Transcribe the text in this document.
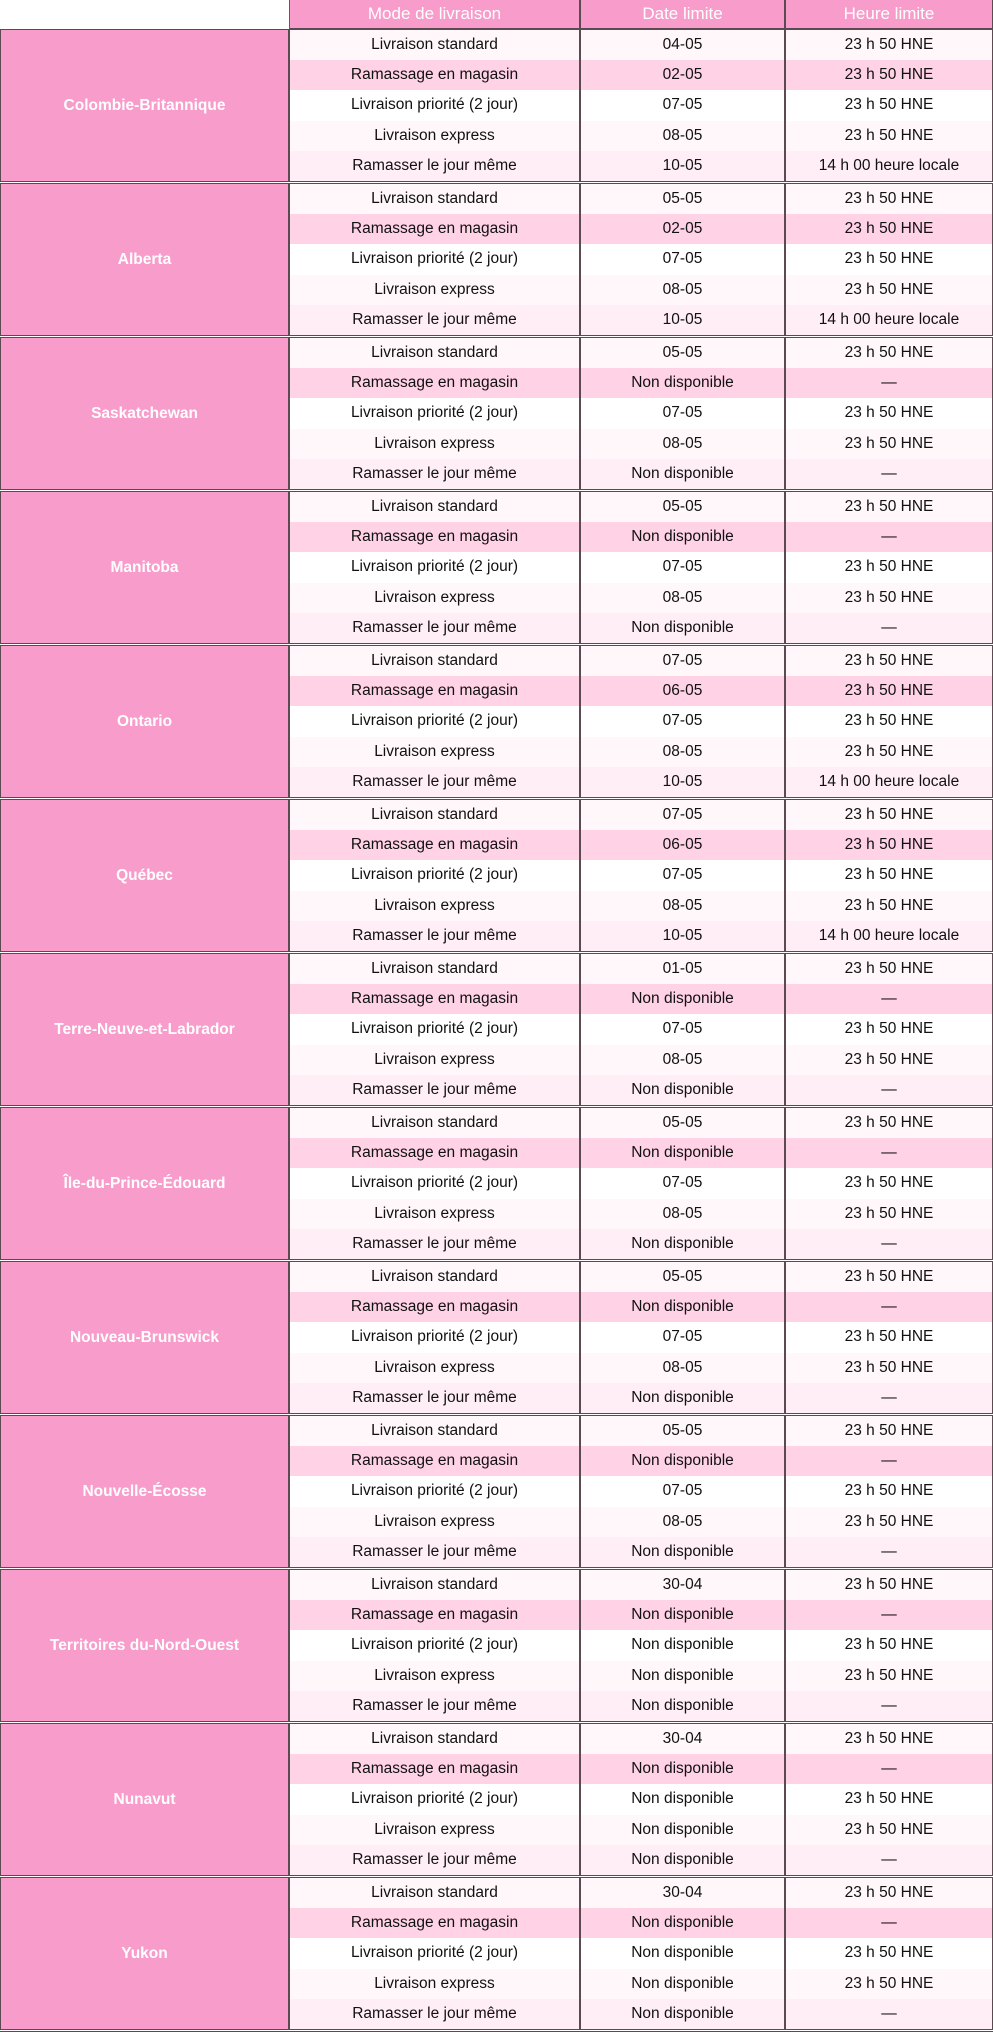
Mode de livraison	Date limite	Heure limite
Colombie-Britannique
Livraison standard	04-05	23 h 50 HNE
Ramassage en magasin	02-05	23 h 50 HNE
Livraison priorité (2 jour)	07-05	23 h 50 HNE
Livraison express	08-05	23 h 50 HNE
Ramasser le jour même	10-05	14 h 00 heure locale
Alberta
Livraison standard	05-05	23 h 50 HNE
Ramassage en magasin	02-05	23 h 50 HNE
Livraison priorité (2 jour)	07-05	23 h 50 HNE
Livraison express	08-05	23 h 50 HNE
Ramasser le jour même	10-05	14 h 00 heure locale
Saskatchewan
Livraison standard	05-05	23 h 50 HNE
Ramassage en magasin	Non disponible	—
Livraison priorité (2 jour)	07-05	23 h 50 HNE
Livraison express	08-05	23 h 50 HNE
Ramasser le jour même	Non disponible	—
Manitoba
Livraison standard	05-05	23 h 50 HNE
Ramassage en magasin	Non disponible	—
Livraison priorité (2 jour)	07-05	23 h 50 HNE
Livraison express	08-05	23 h 50 HNE
Ramasser le jour même	Non disponible	—
Ontario
Livraison standard	07-05	23 h 50 HNE
Ramassage en magasin	06-05	23 h 50 HNE
Livraison priorité (2 jour)	07-05	23 h 50 HNE
Livraison express	08-05	23 h 50 HNE
Ramasser le jour même	10-05	14 h 00 heure locale
Québec
Livraison standard	07-05	23 h 50 HNE
Ramassage en magasin	06-05	23 h 50 HNE
Livraison priorité (2 jour)	07-05	23 h 50 HNE
Livraison express	08-05	23 h 50 HNE
Ramasser le jour même	10-05	14 h 00 heure locale
Terre-Neuve-et-Labrador
Livraison standard	01-05	23 h 50 HNE
Ramassage en magasin	Non disponible	—
Livraison priorité (2 jour)	07-05	23 h 50 HNE
Livraison express	08-05	23 h 50 HNE
Ramasser le jour même	Non disponible	—
Île-du-Prince-Édouard
Livraison standard	05-05	23 h 50 HNE
Ramassage en magasin	Non disponible	—
Livraison priorité (2 jour)	07-05	23 h 50 HNE
Livraison express	08-05	23 h 50 HNE
Ramasser le jour même	Non disponible	—
Nouveau-Brunswick
Livraison standard	05-05	23 h 50 HNE
Ramassage en magasin	Non disponible	—
Livraison priorité (2 jour)	07-05	23 h 50 HNE
Livraison express	08-05	23 h 50 HNE
Ramasser le jour même	Non disponible	—
Nouvelle-Écosse
Livraison standard	05-05	23 h 50 HNE
Ramassage en magasin	Non disponible	—
Livraison priorité (2 jour)	07-05	23 h 50 HNE
Livraison express	08-05	23 h 50 HNE
Ramasser le jour même	Non disponible	—
Territoires du-Nord-Ouest
Livraison standard	30-04	23 h 50 HNE
Ramassage en magasin	Non disponible	—
Livraison priorité (2 jour)	Non disponible	23 h 50 HNE
Livraison express	Non disponible	23 h 50 HNE
Ramasser le jour même	Non disponible	—
Nunavut
Livraison standard	30-04	23 h 50 HNE
Ramassage en magasin	Non disponible	—
Livraison priorité (2 jour)	Non disponible	23 h 50 HNE
Livraison express	Non disponible	23 h 50 HNE
Ramasser le jour même	Non disponible	—
Yukon
Livraison standard	30-04	23 h 50 HNE
Ramassage en magasin	Non disponible	—
Livraison priorité (2 jour)	Non disponible	23 h 50 HNE
Livraison express	Non disponible	23 h 50 HNE
Ramasser le jour même	Non disponible	—
